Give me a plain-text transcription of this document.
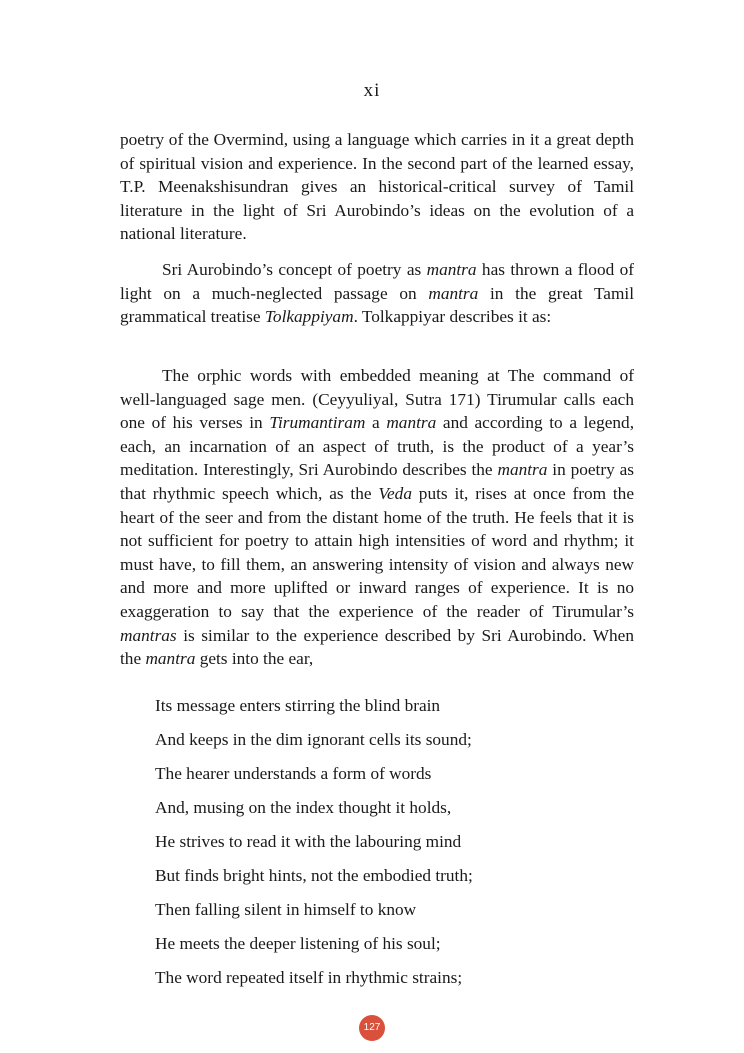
xi
poetry of the Overmind, using a language which carries in it a great depth of spiritual vision and experience. In the second part of the learned essay, T.P. Meenakshisundran gives an historical-critical survey of Tamil literature in the light of Sri Aurobindo’s ideas on the evolution of a national literature.
Sri Aurobindo’s concept of poetry as mantra has thrown a flood of light on a much-neglected passage on mantra in the great Tamil grammatical treatise Tolkappiyam. Tolkappiyar describes it as:
The orphic words with embedded meaning at The command of well-languaged sage men. (Ceyyuliyal, Sutra 171) Tirumular calls each one of his verses in Tirumantiram a mantra and according to a legend, each, an incarnation of an aspect of truth, is the product of a year’s meditation. Interestingly, Sri Aurobindo describes the mantra in poetry as that rhythmic speech which, as the Veda puts it, rises at once from the heart of the seer and from the distant home of the truth. He feels that it is not sufficient for poetry to attain high intensities of word and rhythm; it must have, to fill them, an answering intensity of vision and always new and more and more uplifted or inward ranges of experience. It is no exaggeration to say that the experience of the reader of Tirumular’s mantras is similar to the experience described by Sri Aurobindo. When the mantra gets into the ear,
Its message enters stirring the blind brain
And keeps in the dim ignorant cells its sound;
The hearer understands a form of words
And, musing on the index thought it holds,
He strives to read it with the labouring mind
But finds bright hints, not the embodied truth;
Then falling silent in himself to know
He meets the deeper listening of his soul;
The word repeated itself in rhythmic strains;
127
